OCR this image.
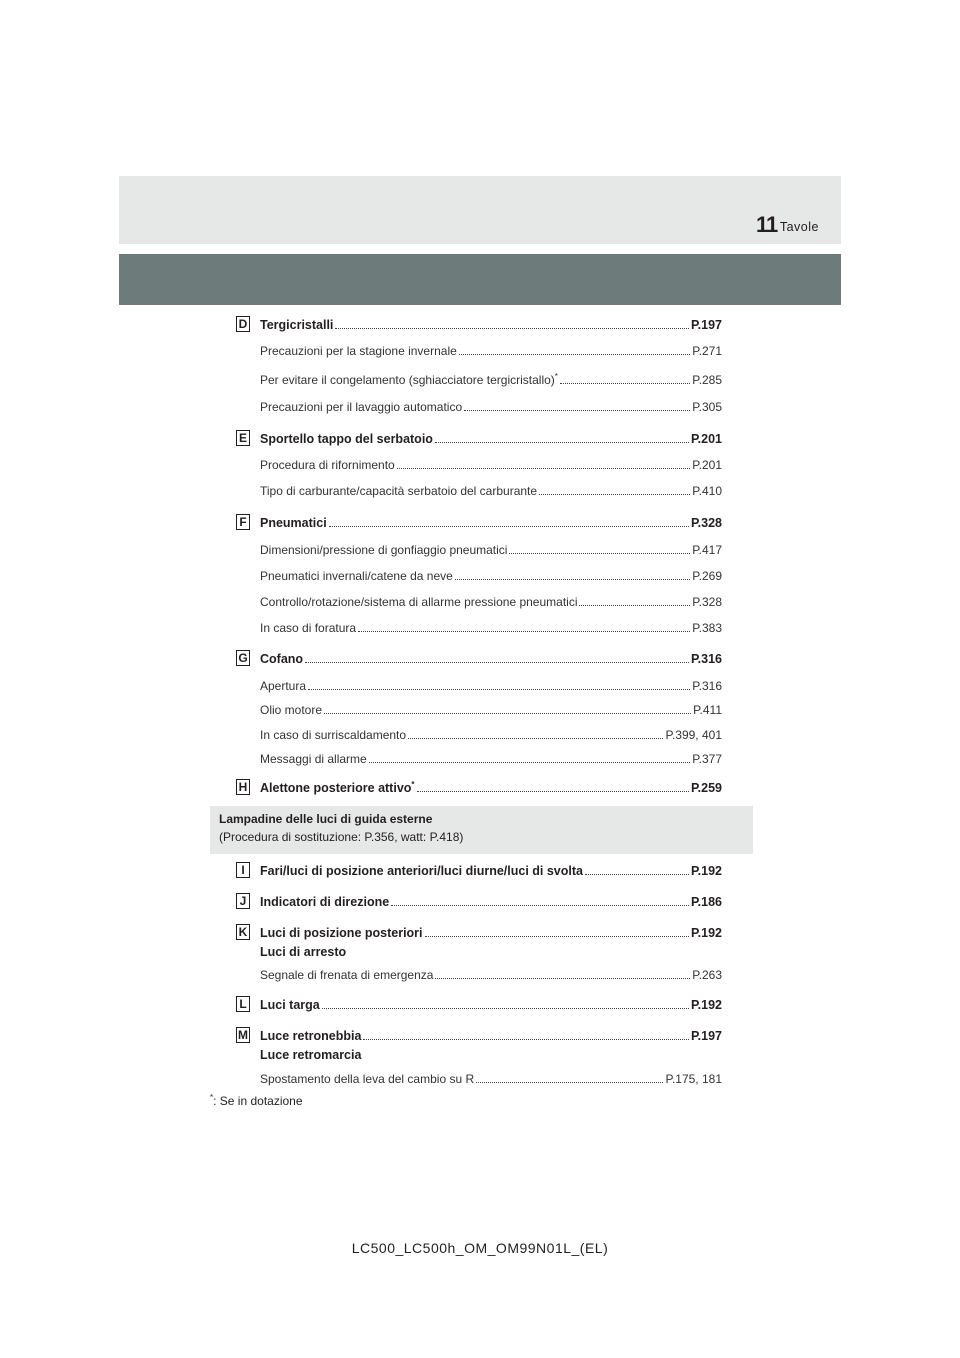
Tavole
11
Lampadine delle luci di guida esterne
(Procedura di sostituzione: P.356, watt: P.418)
D Tergicristalli	P.197
Precauzioni per la stagione invernale	P.271
Per evitare il congelamento (sghiacciatore tergicristallo)*	P.285
Precauzioni per il lavaggio automatico	P.305
E Sportello tappo del serbatoio	P.201
Procedura di rifornimento	P.201
Tipo di carburante/capacità serbatoio del carburante	P.410
F Pneumatici	P.328
Dimensioni/pressione di gonfiaggio pneumatici	P.417
Pneumatici invernali/catene da neve	P.269
Controllo/rotazione/sistema di allarme pressione pneumatici	P.328
In caso di foratura	P.383
G Cofano	P.316
Apertura	P.316
Olio motore	P.411
In caso di surriscaldamento	P.399, 401
Messaggi di allarme	P.377
H Alettone posteriore attivo*	P.259
I	Fari/luci di posizione anteriori/luci diurne/luci di svolta	P.192
J Indicatori di direzione	P.186
K Luci di posizione posteriori	P.192
Luci di arresto
Segnale di frenata di emergenza	P.263
L Luci targa	P.192
M Luce retronebbia	P.197
Luce retromarcia
Spostamento della leva del cambio su R	P.175, 181
*: Se in dotazione
LC500_LC500h_OM_OM99N01L_(EL)
